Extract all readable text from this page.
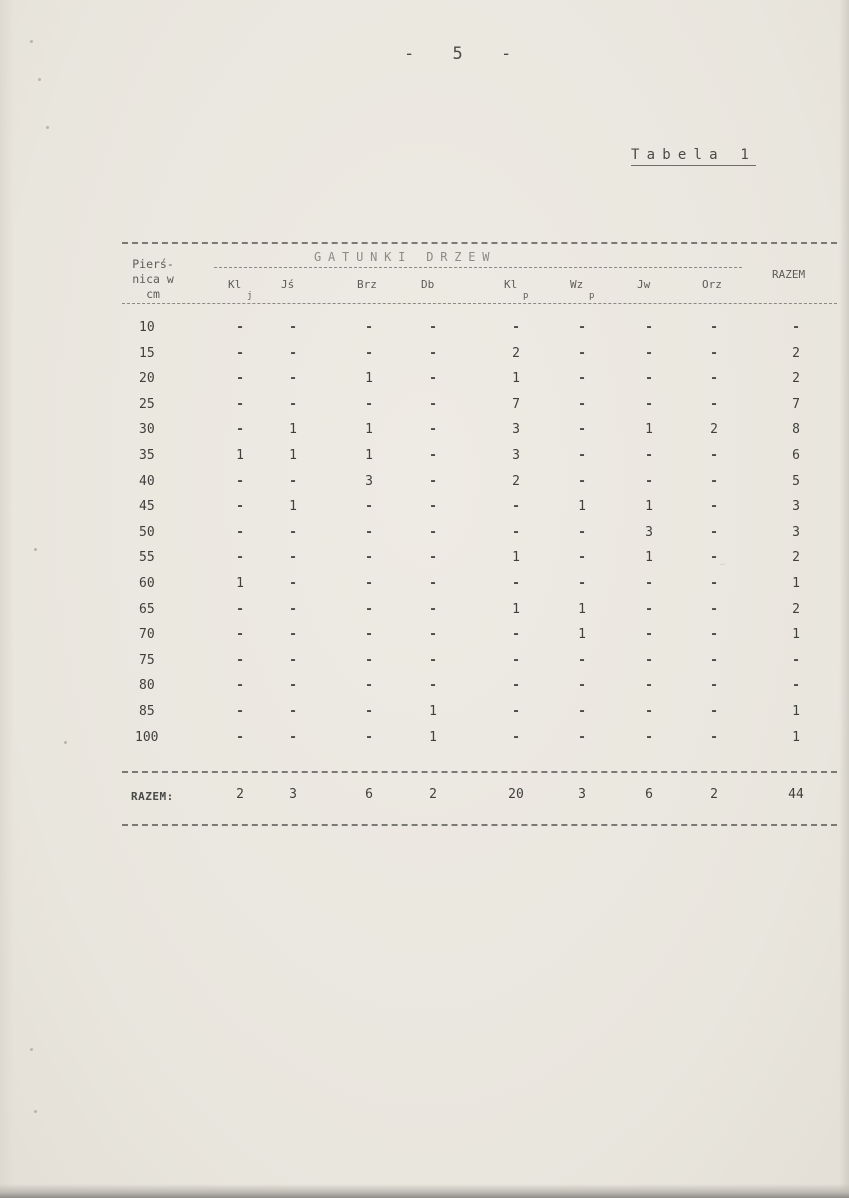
- 5 -
Tabela 1
Pierś-
nica w
cm
GATUNKI DRZEW
RAZEM
Kl
j
Jś	Brz	Db	Kl
p
Wz
p
Jw	Orz
10	-	-	-	-	-	-	-	-	-
15	-	-	-	-	2	-	-	-	2
20	-	-	1	-	1	-	-	-	2
25	-	-	-	-	7	-	-	-	7
30	-	1	1	-	3	-	1	2	8
35	1	1	1	-	3	-	-	-	6
40	-	-	3	-	2	-	-	-	5
45	-	1	-	-	-	1	1	-	3
50	-	-	-	-	-	-	3	-	3
55	-	-	-	-	1	-	1	-	2
60	1	-	-	-	-	-	-	-	1
65	-	-	-	-	1	1	-	-	2
70	-	-	-	-	-	1	-	-	1
75	-	-	-	-	-	-	-	-	-
80	-	-	-	-	-	-	-	-	-
85	-	-	-	1	-	-	-	-	1
100	-	-	-	1	-	-	-	-	1
RAZEM:	2	3	6	2	20	3	6	2	44
~
